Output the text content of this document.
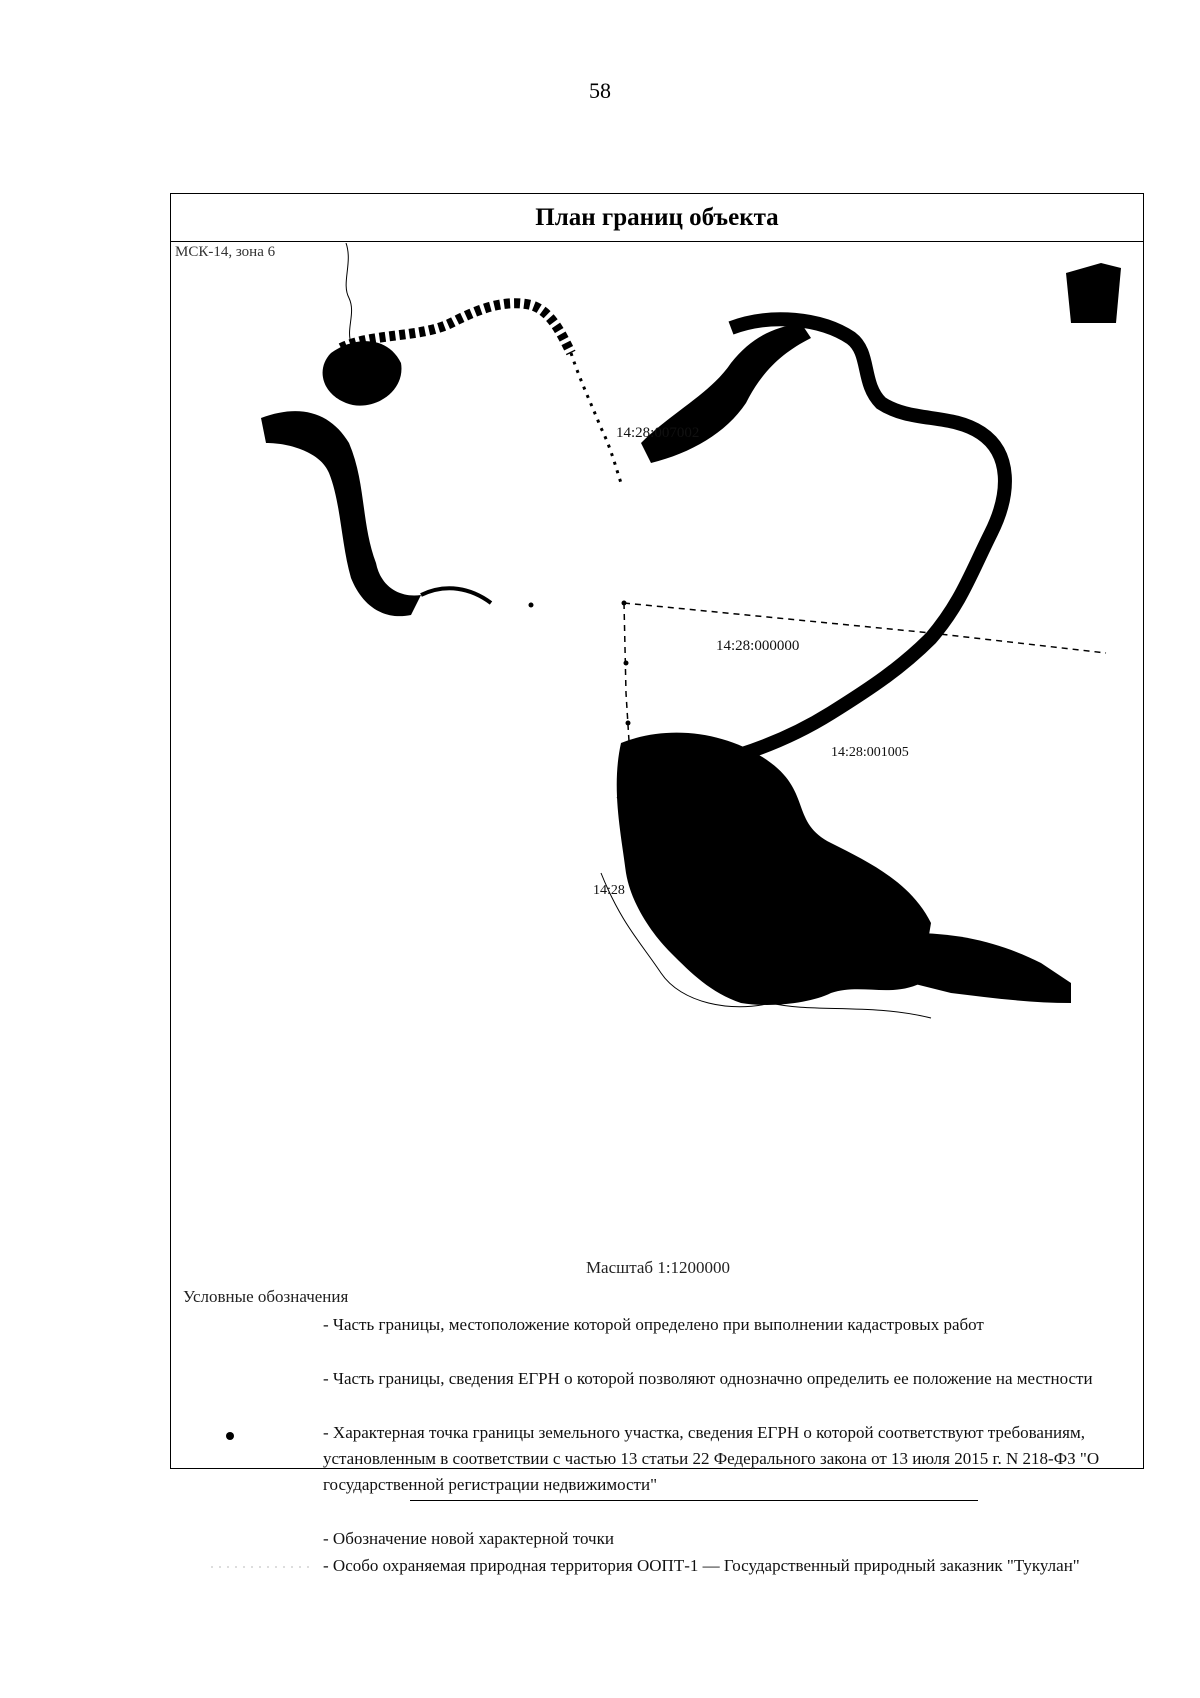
58
План границ объекта
МСК-14, зона 6
14:28:007002
14:28:000000
14:28:001005
14:28
Масштаб 1:1200000
Условные обозначения
- Часть границы, местоположение которой определено при выполнении кадастровых работ
- Часть границы, сведения ЕГРН о которой позволяют однозначно определить ее положение на местности
- Характерная точка границы земельного участка, сведения ЕГРН о которой соответствуют требованиям, установленным в соответствии с частью 13 статьи 22 Федерального закона от 13 июля 2015 г. N 218-ФЗ "О государственной регистрации недвижимости"
- Обозначение новой характерной точки
- Особо охраняемая природная территория ООПТ-1 — Государственный природный заказник "Тукулан"
